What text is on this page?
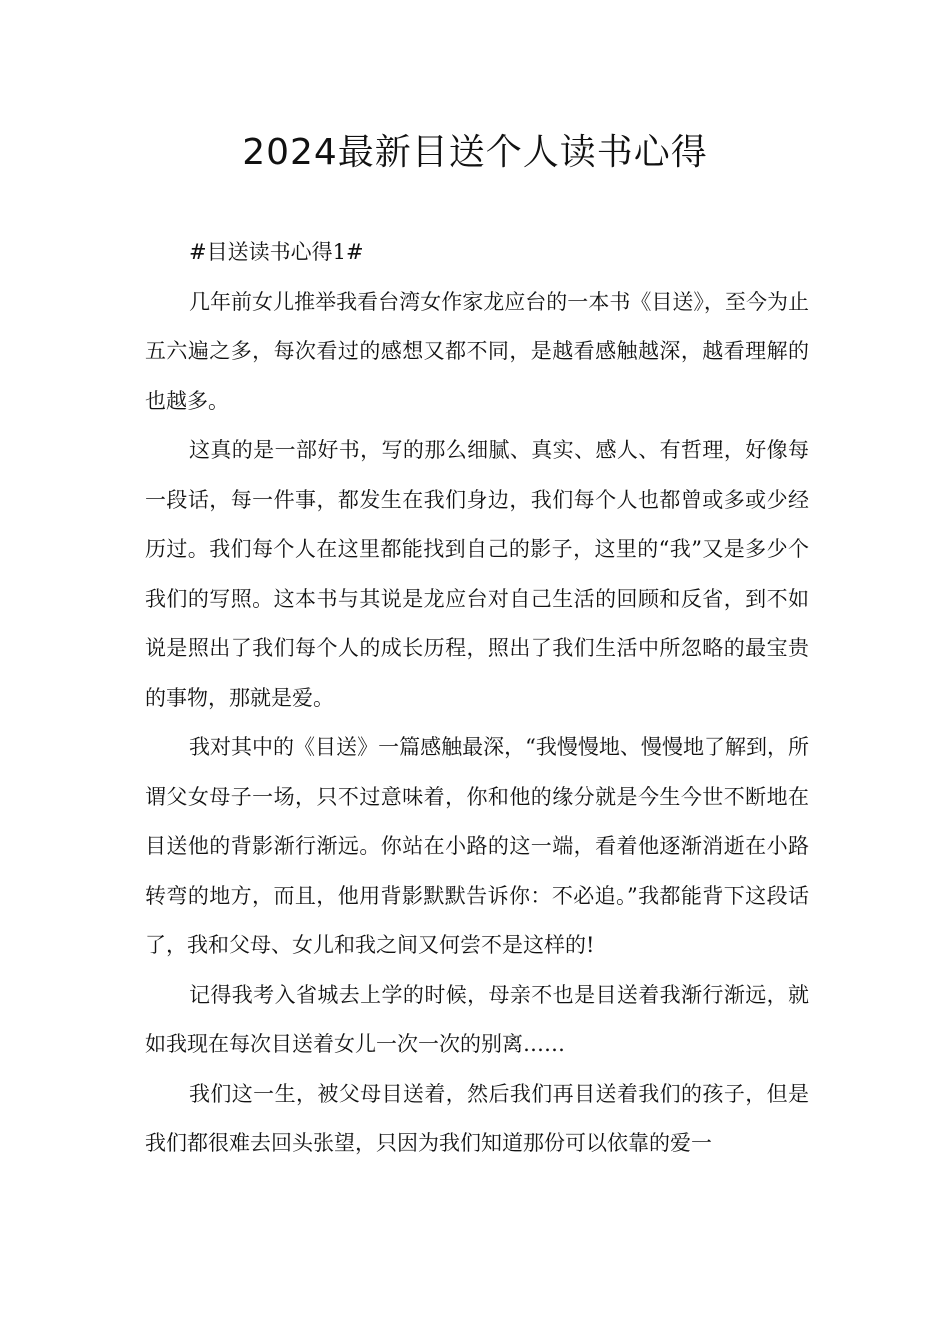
2024最新目送个人读书心得

#目送读书心得1#

几年前女儿推举我看台湾女作家龙应台的一本书《目送》，至今为止五六遍之多，每次看过的感想又都不同，是越看感触越深，越看理解的也越多。

这真的是一部好书，写的那么细腻、真实、感人、有哲理，好像每一段话，每一件事，都发生在我们身边，我们每个人也都曾或多或少经历过。我们每个人在这里都能找到自己的影子，这里的“我”又是多少个我们的写照。这本书与其说是龙应台对自己生活的回顾和反省，到不如说是照出了我们每个人的成长历程，照出了我们生活中所忽略的最宝贵的事物，那就是爱。

我对其中的《目送》一篇感触最深，“我慢慢地、慢慢地了解到，所谓父女母子一场，只不过意味着，你和他的缘分就是今生今世不断地在目送他的背影渐行渐远。你站在小路的这一端，看着他逐渐消逝在小路转弯的地方，而且，他用背影默默告诉你：不必追。”我都能背下这段话了，我和父母、女儿和我之间又何尝不是这样的!

记得我考入省城去上学的时候，母亲不也是目送着我渐行渐远，就如我现在每次目送着女儿一次一次的别离……

我们这一生，被父母目送着，然后我们再目送着我们的孩子，但是我们都很难去回头张望，只因为我们知道那份可以依靠的爱一
